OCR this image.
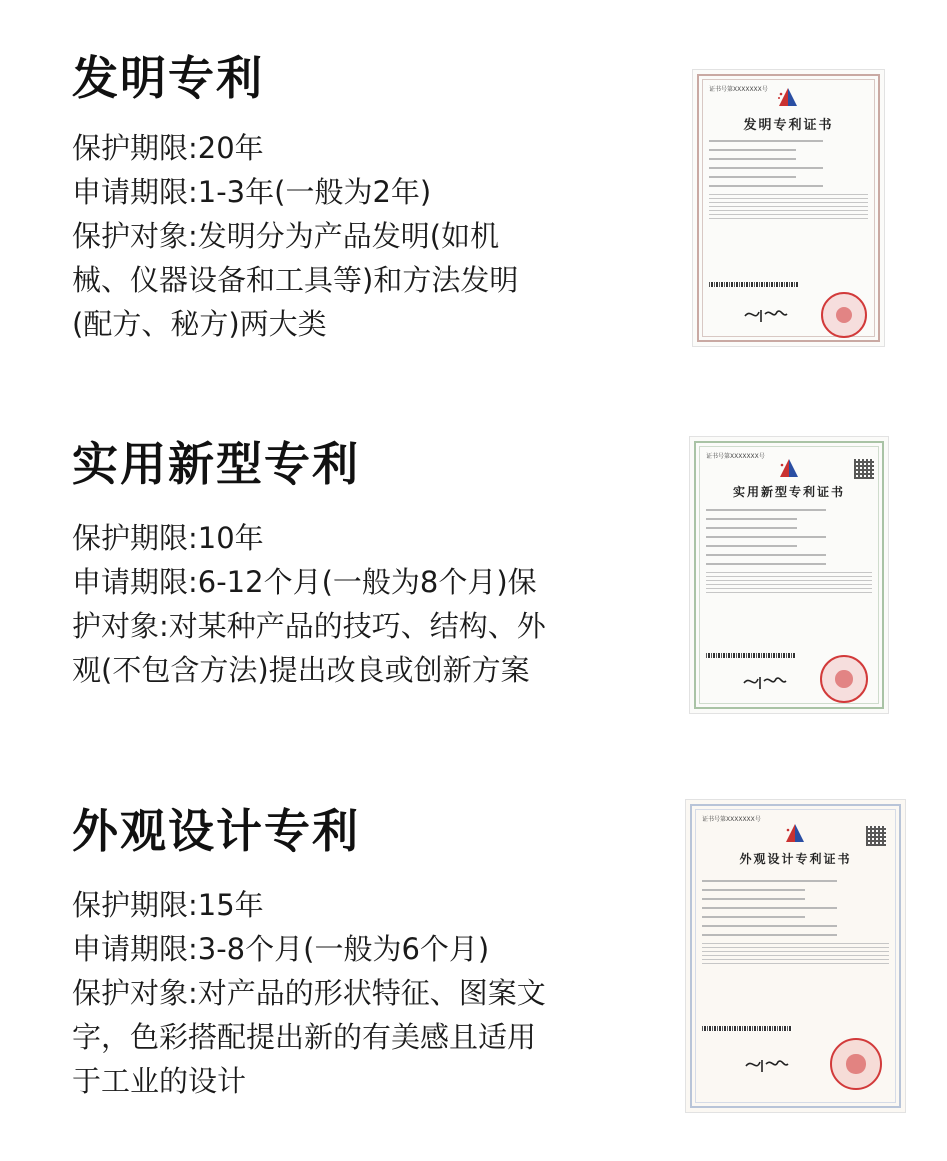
发明专利
保护期限:20年
申请期限:1-3年(一般为2年)
保护对象:发明分为产品发明(如机
械、仪器设备和工具等)和方法发明
(配方、秘方)两大类
证书号第XXXXXXX号
发明专利证书
实用新型专利
保护期限:10年
申请期限:6-12个月(一般为8个月)保
护对象:对某种产品的技巧、结构、外
观(不包含方法)提出改良或创新方案
证书号第XXXXXXX号
实用新型专利证书
外观设计专利
保护期限:15年
申请期限:3-8个月(一般为6个月)
保护对象:对产品的形状特征、图案文
字，色彩搭配提出新的有美感且适用
于工业的设计
证书号第XXXXXXX号
外观设计专利证书
